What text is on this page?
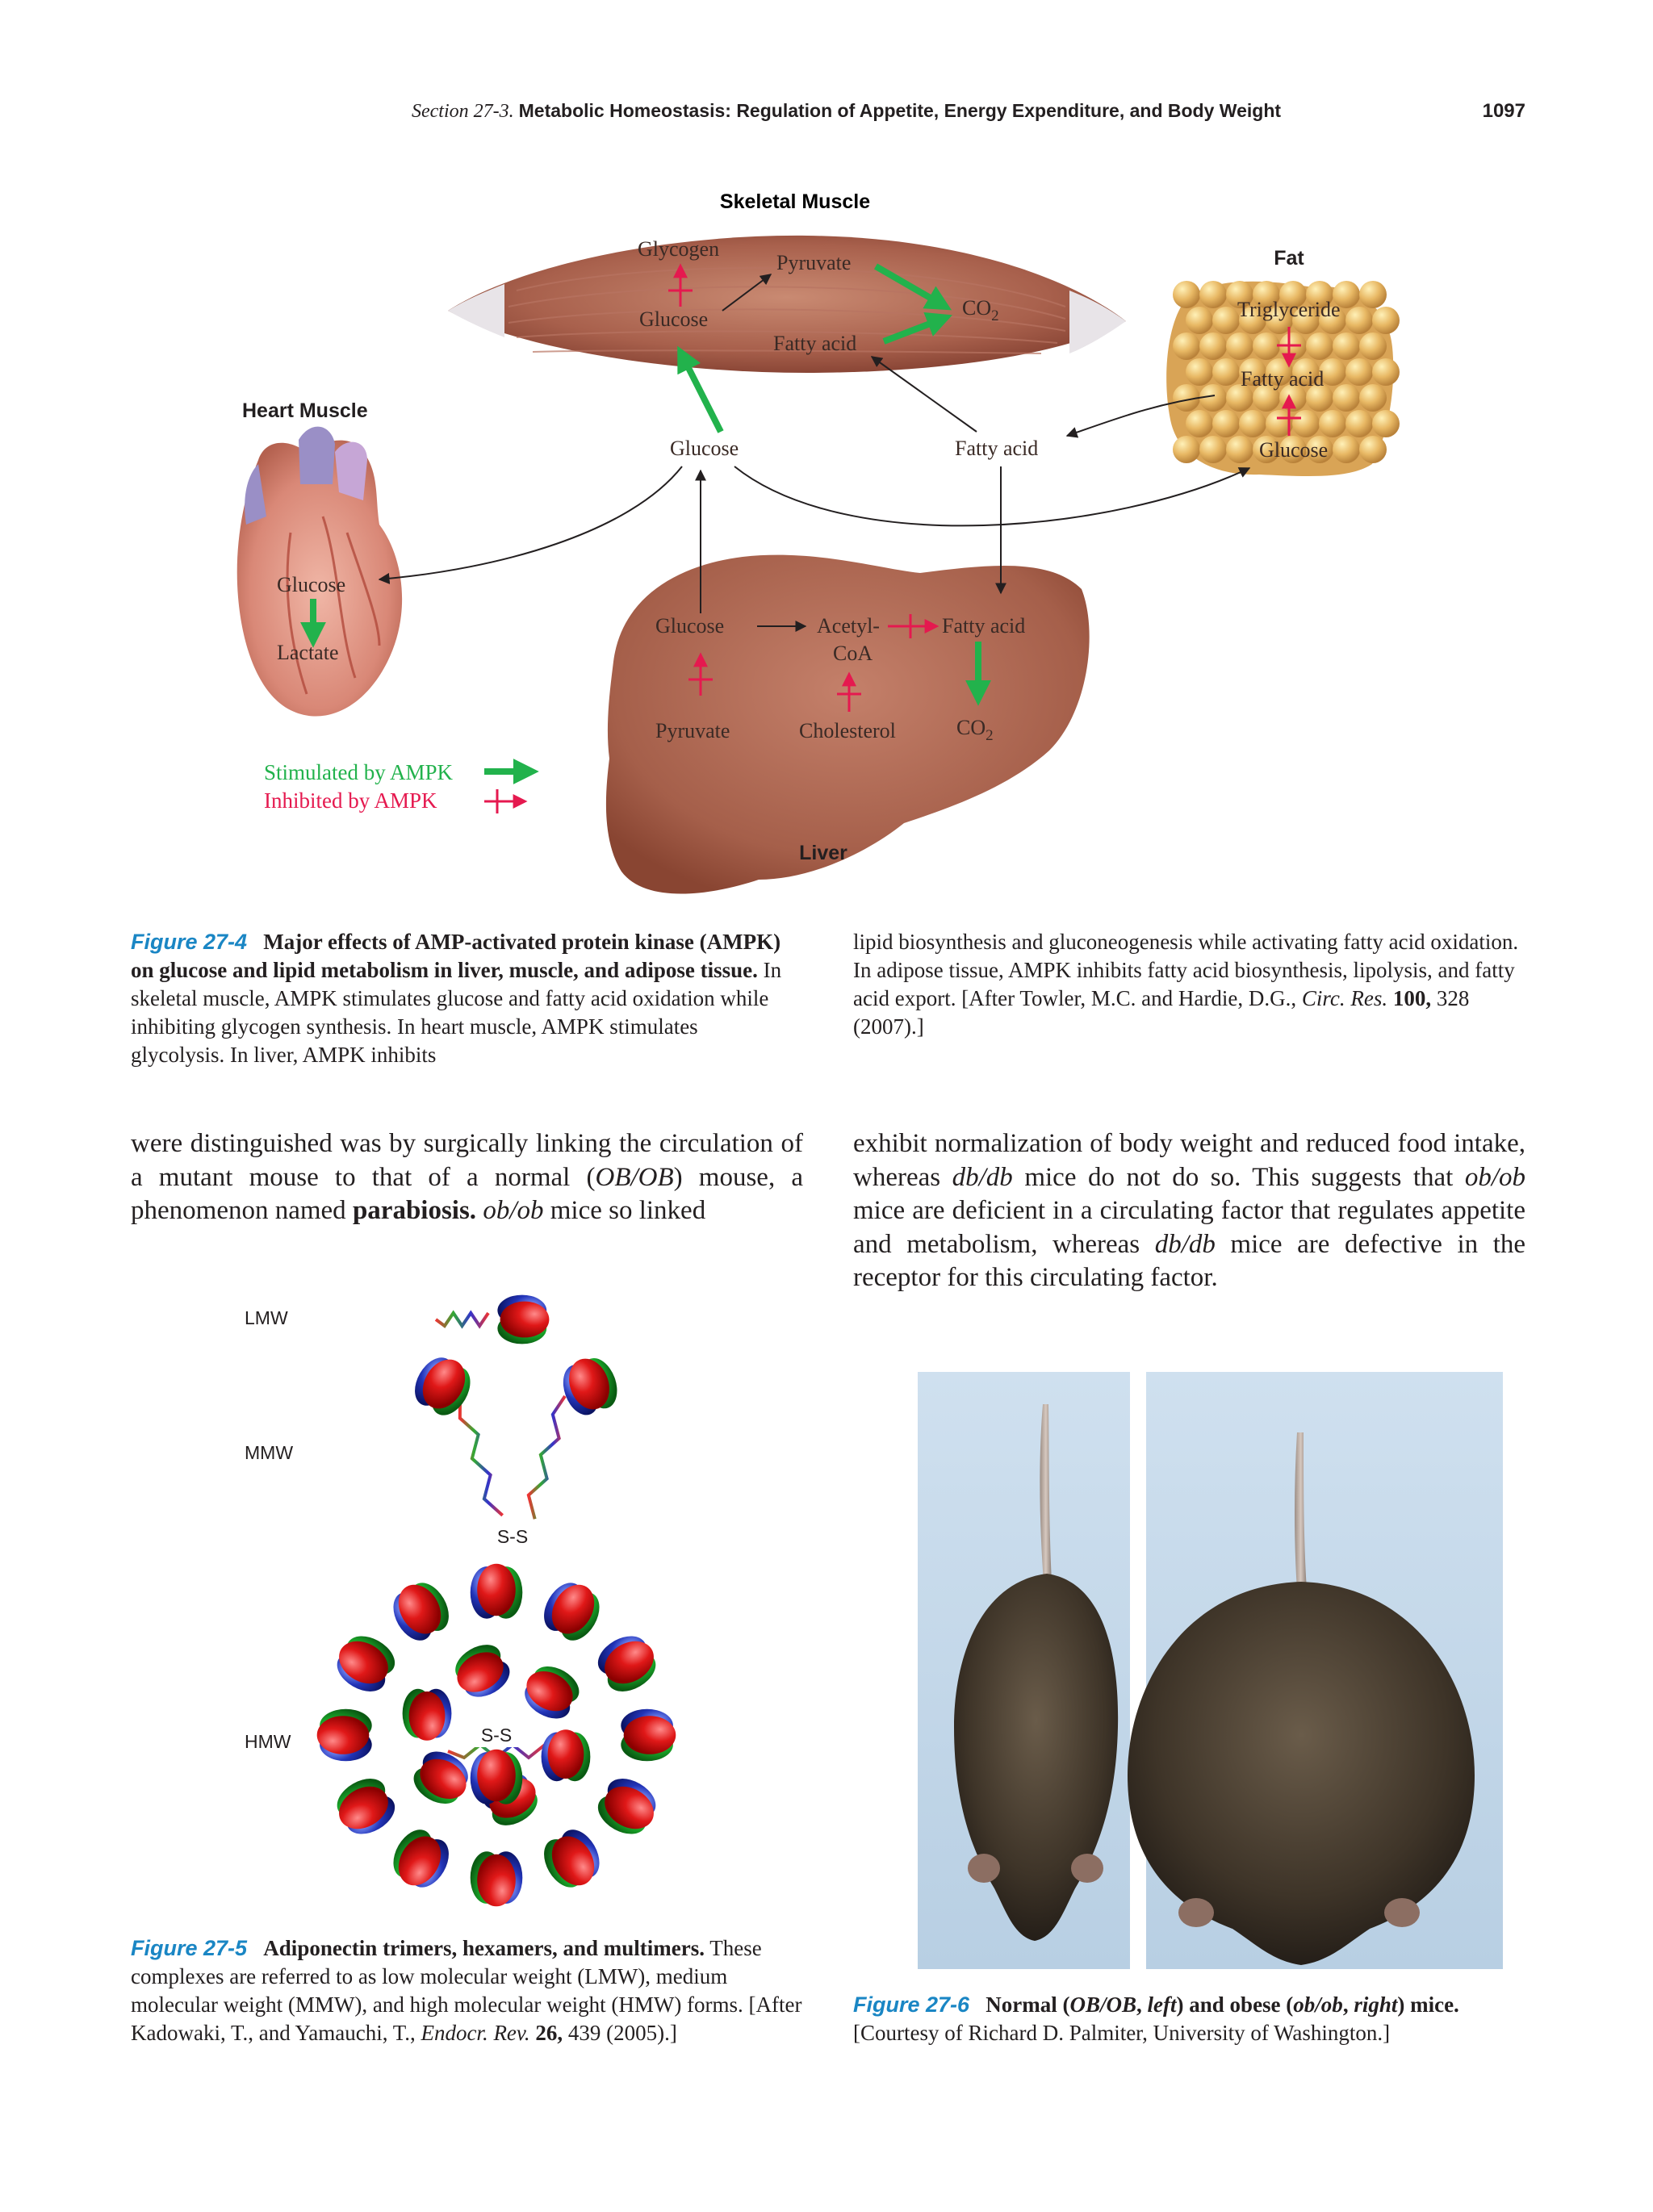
Section 27-3. Metabolic Homeostasis: Regulation of Appetite, Energy Expenditure, and Body Weight	1097
Skeletal Muscle
Fat
Heart Muscle
Liver
Glycogen
Glucose
Pyruvate
$CO_2$
Fatty acid
Glucose	Fatty acid
Triglyceride
Fatty acid
Glucose
Glucose
Lactate
Glucose	Acetyl-
CoA
Fatty acid
Pyruvate	Cholesterol	$CO_2$
Stimulated by AMPK
Inhibited by AMPK
Figure 27-4 Major effects of AMP-activated protein kinase (AMPK) on glucose and lipid metabolism in liver, muscle, and adipose tissue. In skeletal muscle, AMPK stimulates glucose and fatty acid oxidation while inhibiting glycogen synthesis. In heart muscle, AMPK stimulates glycolysis. In liver, AMPK inhibits
lipid biosynthesis and gluconeogenesis while activating fatty acid oxidation. In adipose tissue, AMPK inhibits fatty acid biosynthesis, lipolysis, and fatty acid export. [After Towler, M.C. and Hardie, D.G., Circ. Res. 100, 328 (2007).]
were distinguished was by surgically linking the circulation of a mutant mouse to that of a normal (OB/OB) mouse, a phenomenon named parabiosis. ob/ob mice so linked
exhibit normalization of body weight and reduced food intake, whereas db/db mice do not do so. This suggests that ob/ob mice are deficient in a circulating factor that regulates appetite and metabolism, whereas db/db mice are defective in the receptor for this circulating factor.
LMW
MMW
HMW	S-S
S-S
Figure 27-5 Adiponectin trimers, hexamers, and multimers. These complexes are referred to as low molecular weight (LMW), medium molecular weight (MMW), and high molecular weight (HMW) forms. [After Kadowaki, T., and Yamauchi, T., Endocr. Rev. 26, 439 (2005).]
Figure 27-6 Normal (OB/OB, left) and obese (ob/ob, right) mice. [Courtesy of Richard D. Palmiter, University of Washington.]
